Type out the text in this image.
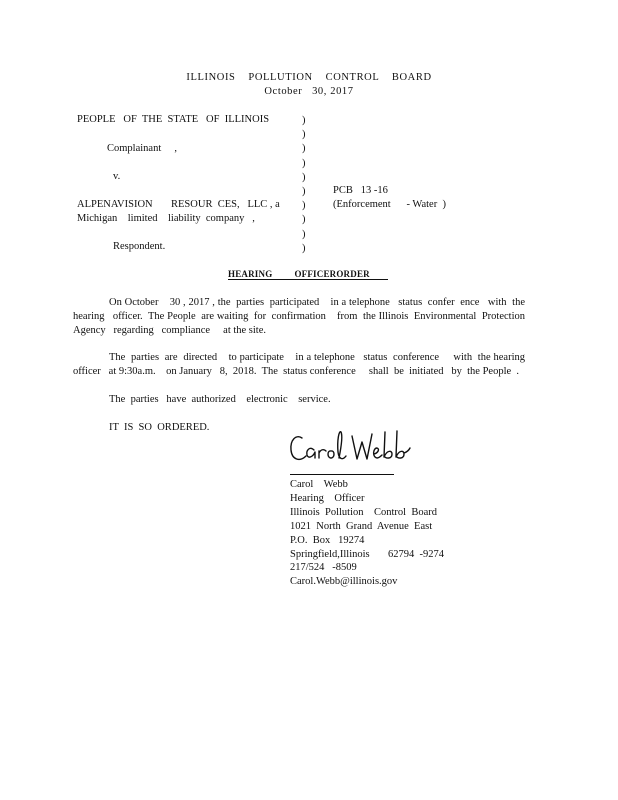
ILLINOIS    POLLUTION    CONTROL    BOARD
October   30, 2017
PEOPLE   OF  THE  STATE   OF  ILLINOIS
Complainant     ,
v.
ALPENAVISION       RESOUR  CES,   LLC , a
Michigan    limited    liability  company   ,
Respondent.
)
)
)
)
)
)
)
)
)
)
PCB   13 -16
(Enforcement      - Water  )
HEARING         OFFICERORDER
On October    30 , 2017 , the  parties  participated    in a telephone   status  confer  ence   with  the  hearing   officer.  The People  are waiting  for  confirmation    from  the Illinois  Environmental  Protection   Agency   regarding   compliance     at the site.
The  parties  are  directed    to participate    in a telephone   status  conference     with  the hearing  officer   at 9:30a.m.    on January   8,  2018.  The  status conference     shall  be  initiated   by  the People  .
The  parties   have  authorized    electronic    service.
IT  IS  SO  ORDERED.
Carol    Webb
Hearing    Officer
Illinois  Pollution    Control  Board
1021  North  Grand  Avenue  East
P.O.  Box   19274
Springfield,Illinois       62794  -9274
217/524   -8509
Carol.Webb@illinois.gov
